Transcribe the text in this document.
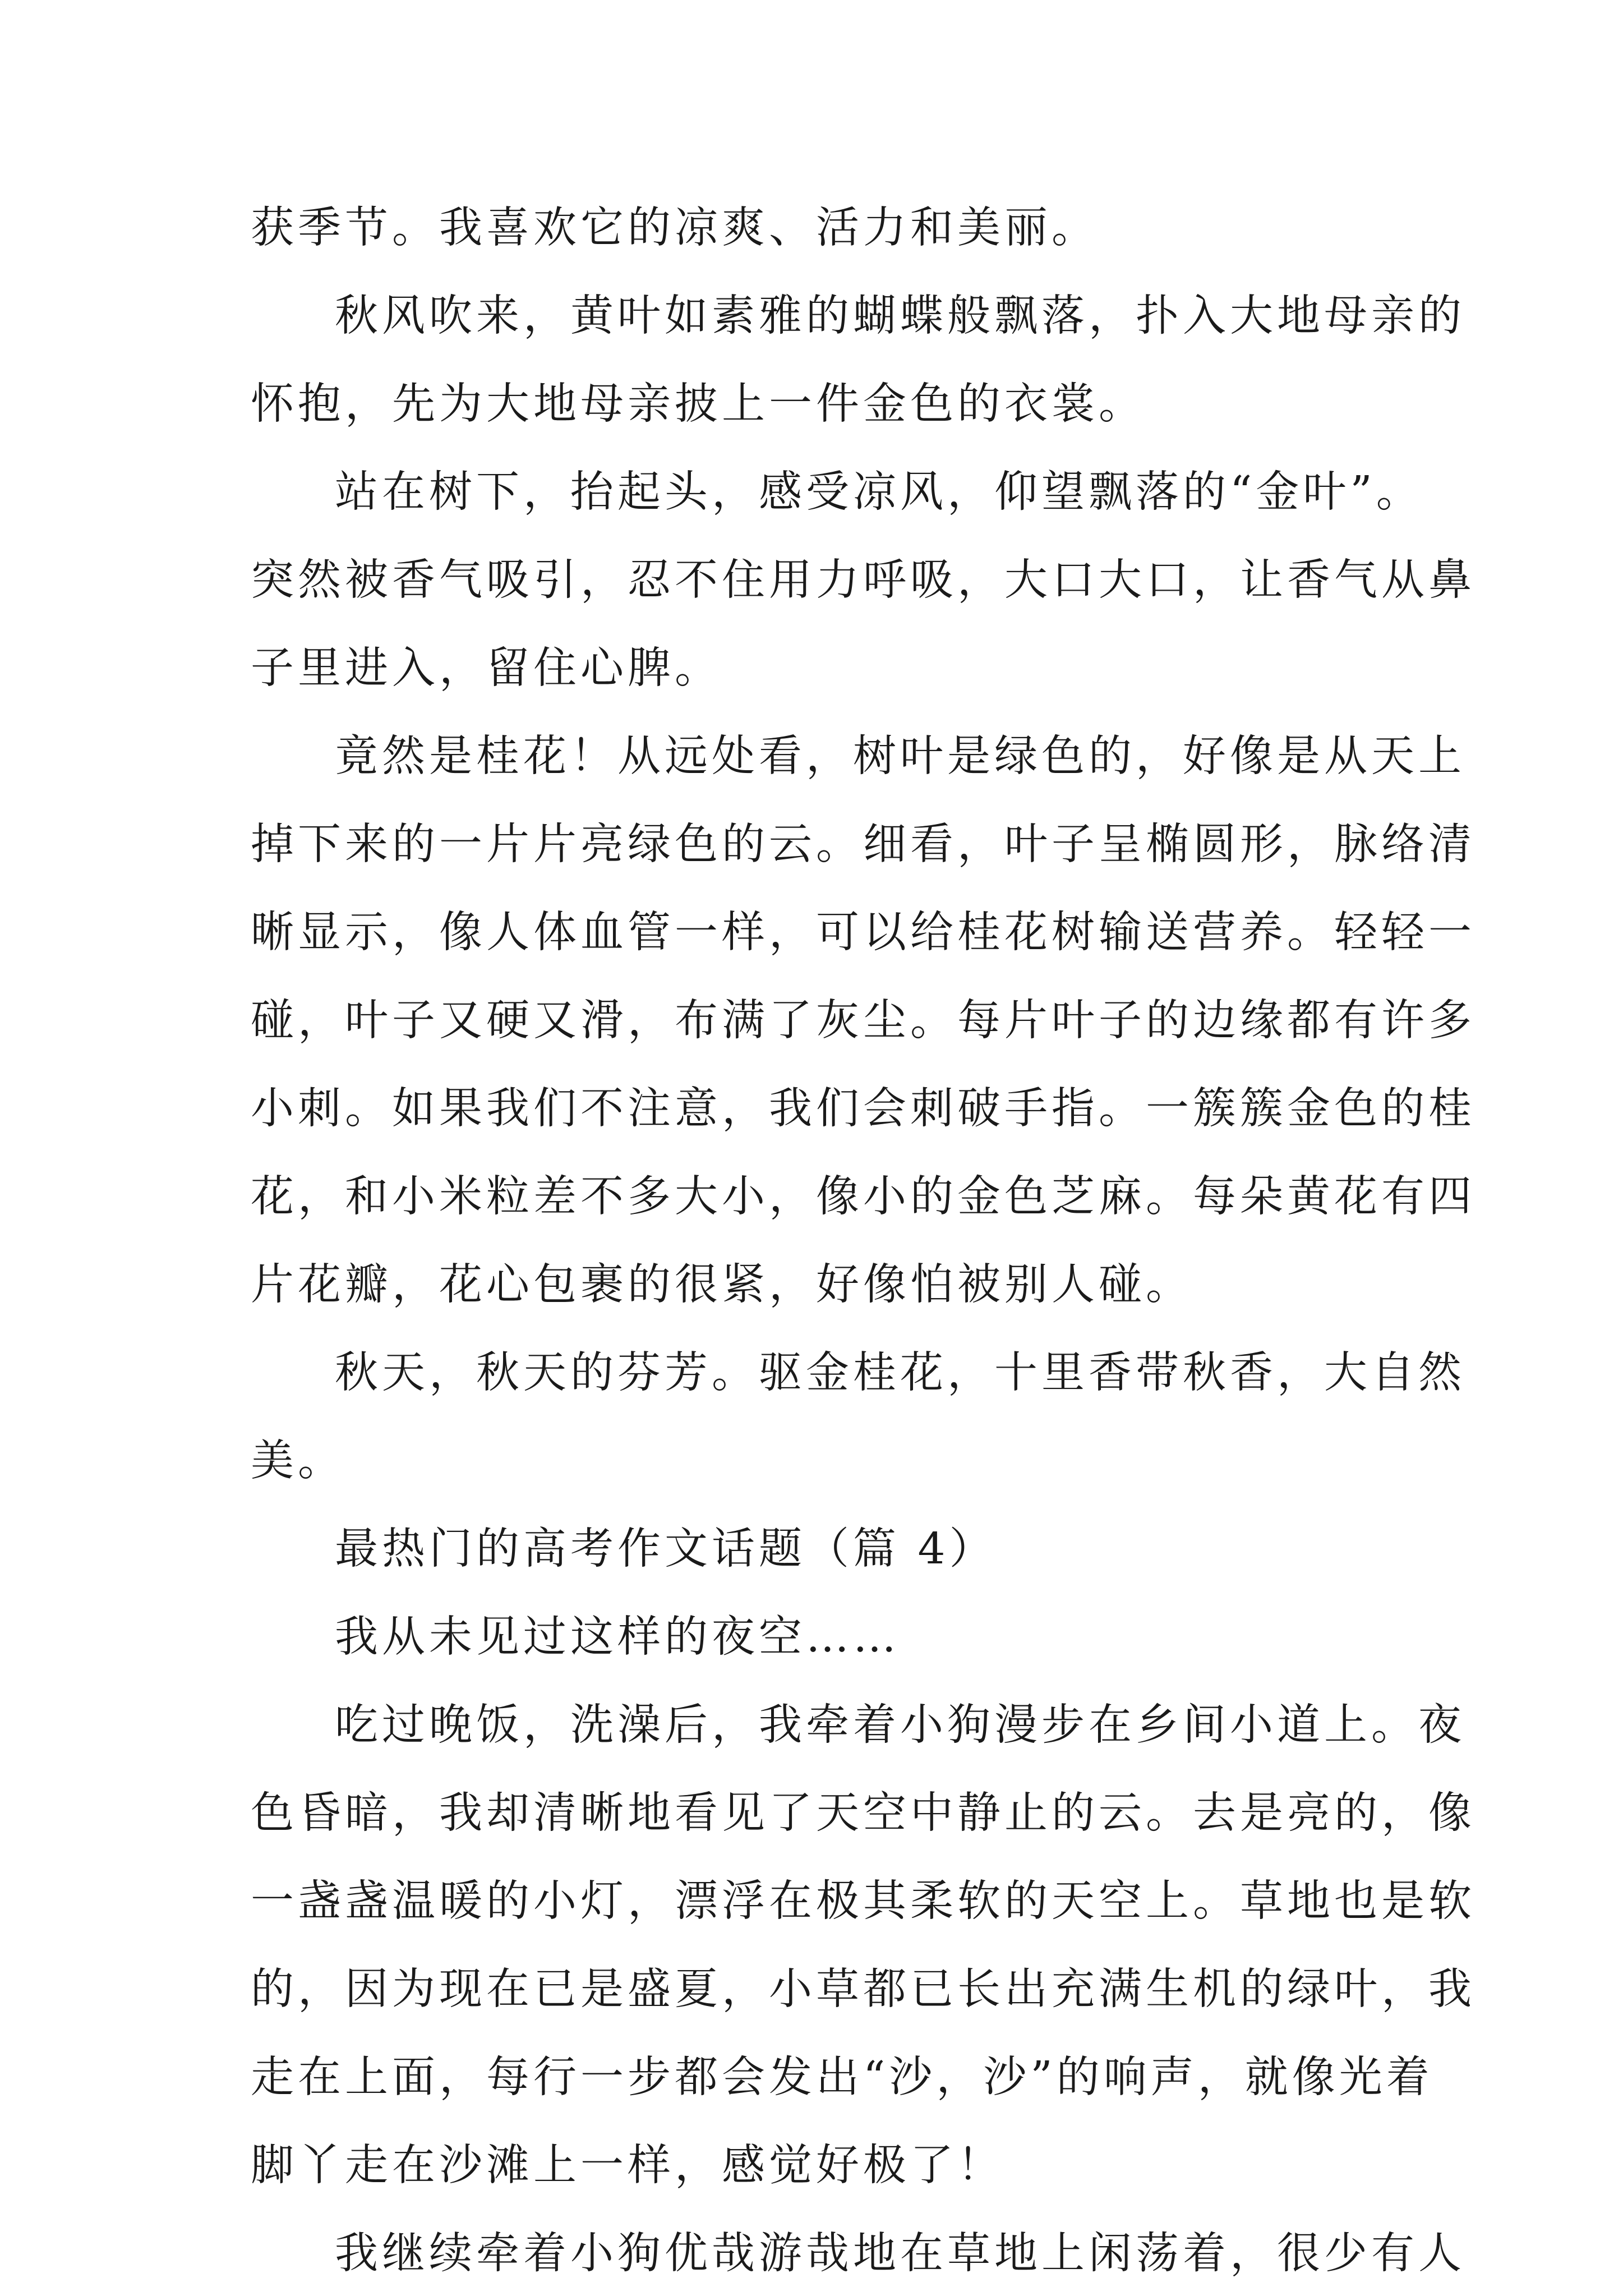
获季节。我喜欢它的凉爽、活力和美丽。

秋风吹来，黄叶如素雅的蝴蝶般飘落，扑入大地母亲的

怀抱，先为大地母亲披上一件金色的衣裳。

站在树下，抬起头，感受凉风，仰望飘落的“金叶”。

突然被香气吸引，忍不住用力呼吸，大口大口，让香气从鼻

子里进入，留住心脾。

竟然是桂花！从远处看，树叶是绿色的，好像是从天上

掉下来的一片片亮绿色的云。细看，叶子呈椭圆形，脉络清

晰显示，像人体血管一样，可以给桂花树输送营养。轻轻一

碰，叶子又硬又滑，布满了灰尘。每片叶子的边缘都有许多

小刺。如果我们不注意，我们会刺破手指。一簇簇金色的桂

花，和小米粒差不多大小，像小的金色芝麻。每朵黄花有四

片花瓣，花心包裹的很紧，好像怕被别人碰。

秋天，秋天的芬芳。驱金桂花，十里香带秋香，大自然

美。

最热门的高考作文话题（篇 4）

我从未见过这样的夜空……

吃过晚饭，洗澡后，我牵着小狗漫步在乡间小道上。夜

色昏暗，我却清晰地看见了天空中静止的云。去是亮的，像

一盏盏温暖的小灯，漂浮在极其柔软的天空上。草地也是软

的，因为现在已是盛夏，小草都已长出充满生机的绿叶，我

走在上面，每行一步都会发出“沙，沙”的响声，就像光着

脚丫走在沙滩上一样，感觉好极了！

我继续牵着小狗优哉游哉地在草地上闲荡着，很少有人
